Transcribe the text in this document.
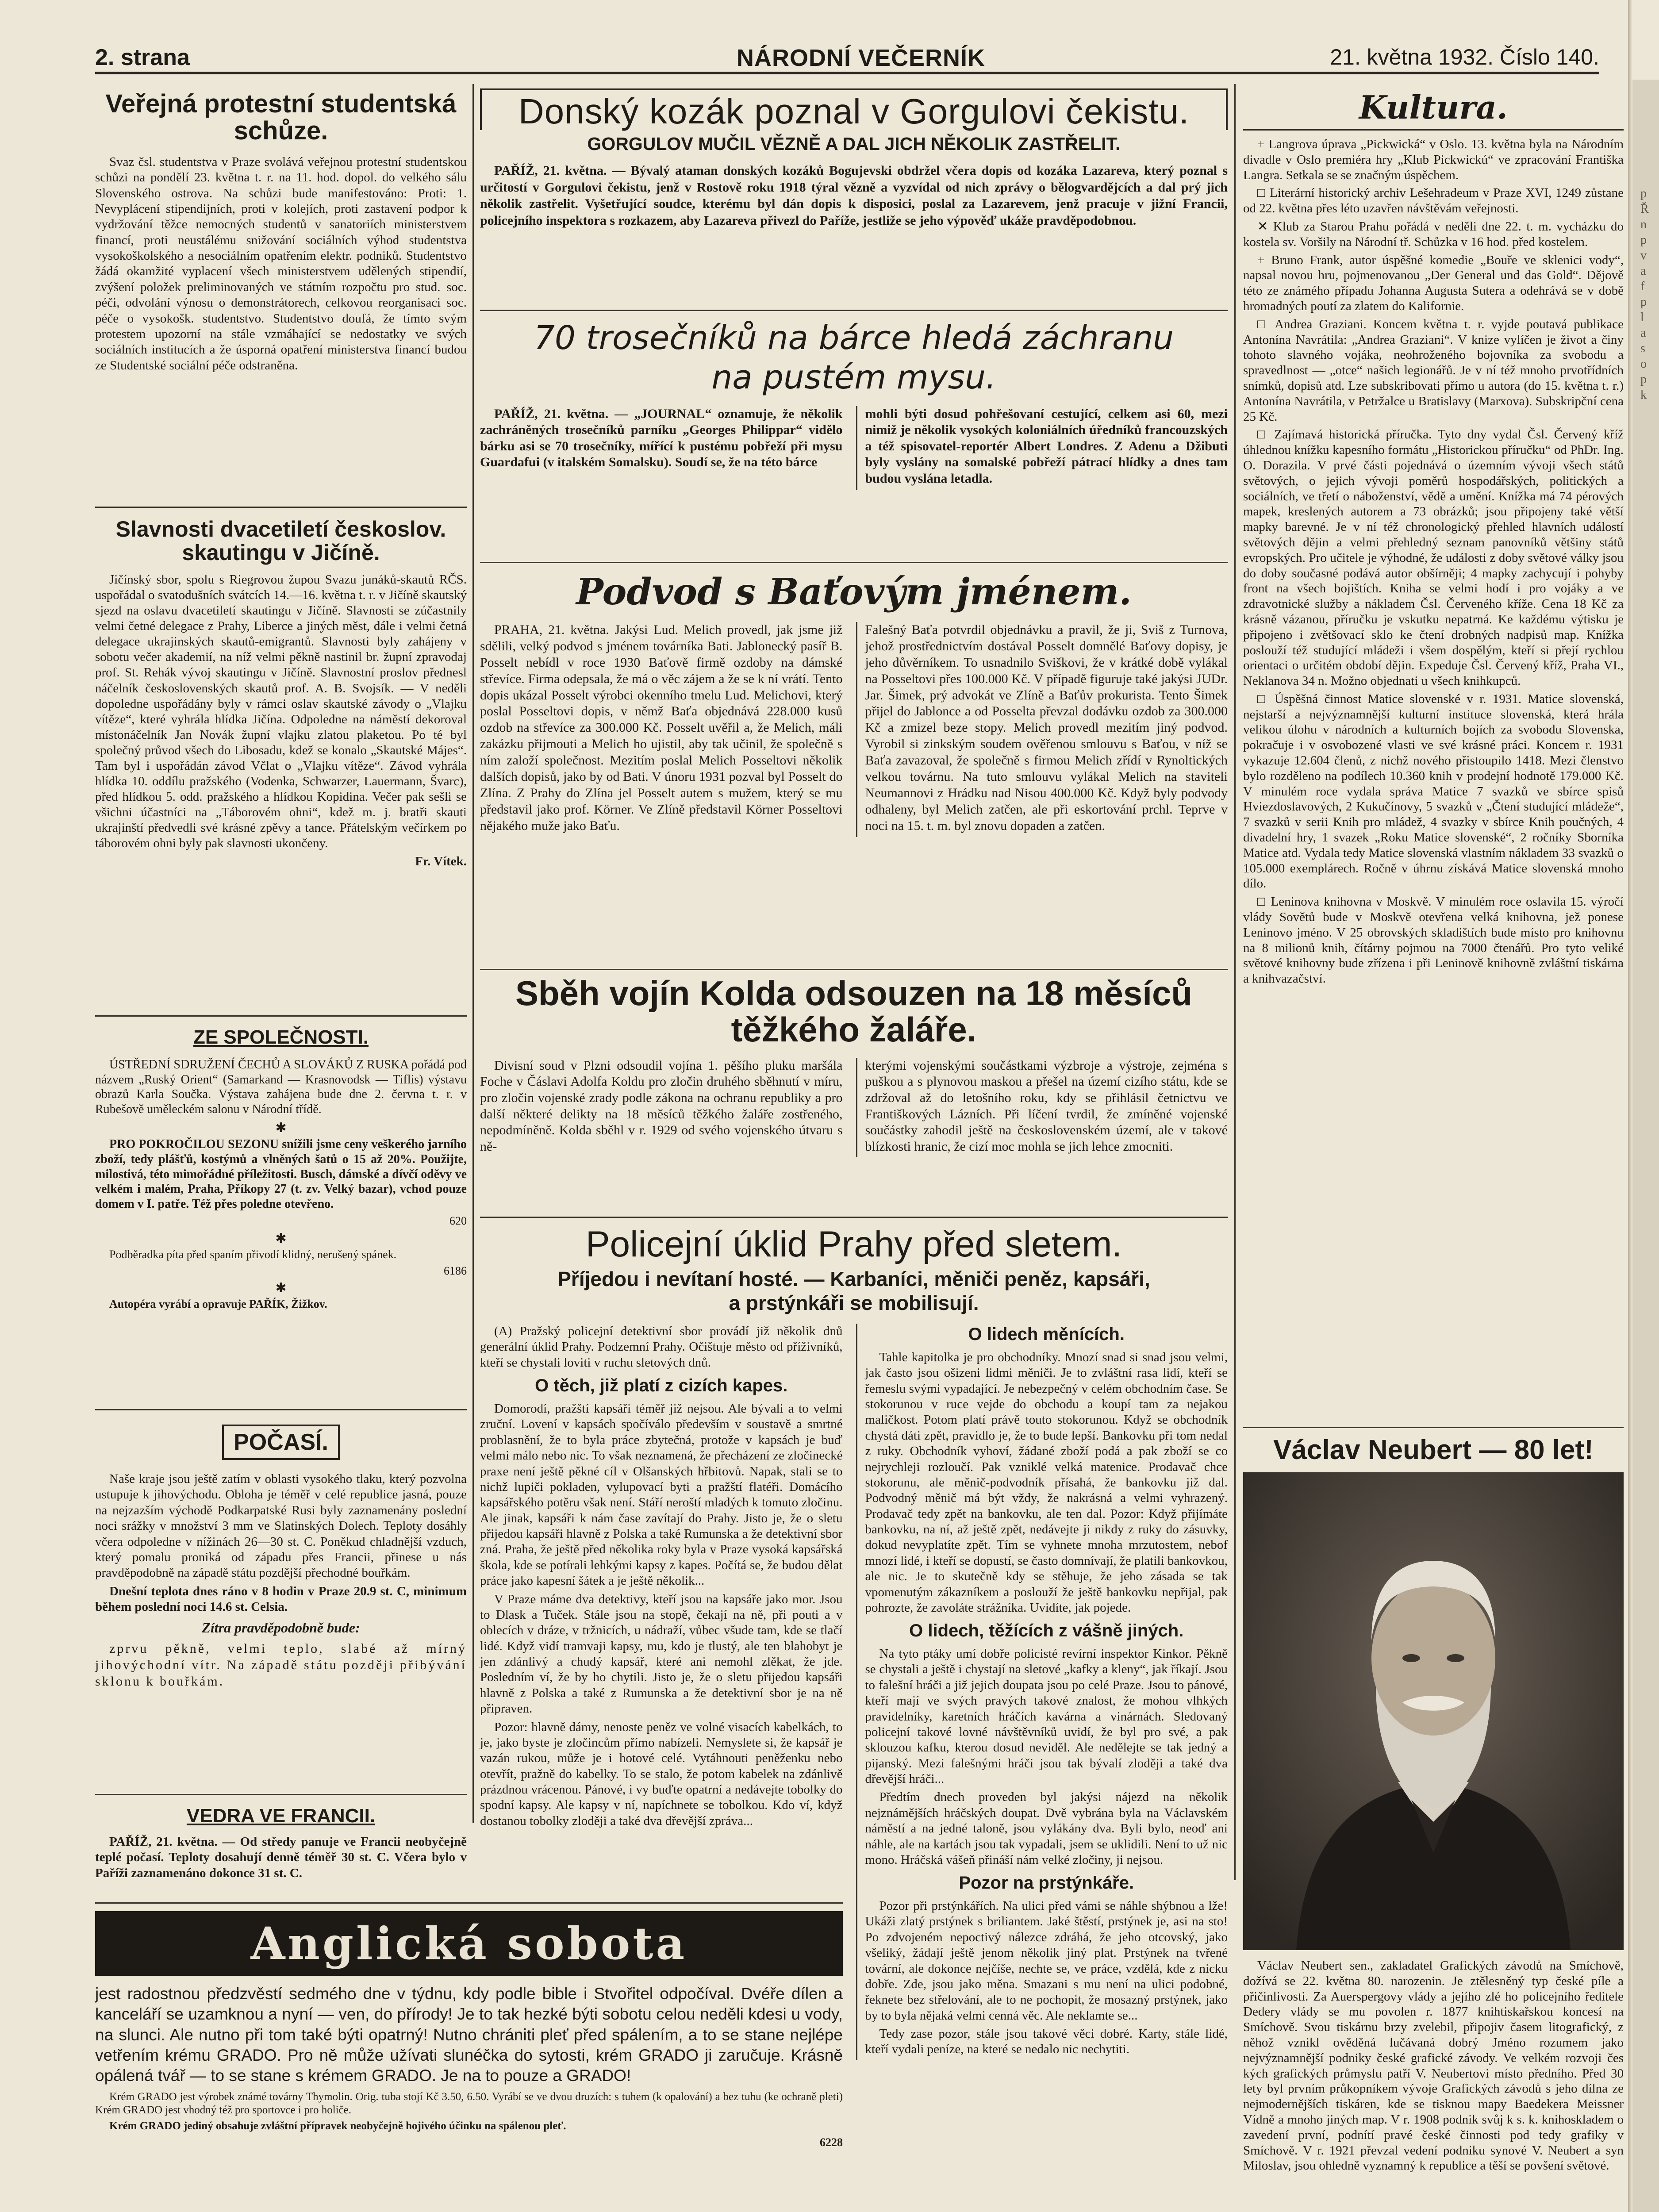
2. strana	NÁRODNÍ VEČERNÍK	21. května 1932. Číslo 140.
Veřejná protestní studentská schůze.

Svaz čsl. studentstva v Praze svolává veřejnou protestní studentskou schůzi na pondělí 23. května t. r. na 11. hod. dopol. do velkého sálu Slovenského ostrova. Na schůzi bude manifestováno: Proti: 1. Nevyplácení stipendijních, proti v kolejích, proti zastavení podpor k vydržování těžce nemocných studentů v sanatoriích ministerstvem financí, proti neustálému snižování sociálních výhod studentstva vysokoškolského a nesociálním opatřením elektr. podniků. Studentstvo žádá okamžité vyplacení všech ministerstvem udělených stipendií, zvýšení položek preliminovaných ve státním rozpočtu pro stud. soc. péči, odvolání výnosu o demonstrátorech, celkovou reorganisaci soc. péče o vysokošk. studentstvo. Studentstvo doufá, že tímto svým protestem upozorní na stále vzmáhající se nedostatky ve svých sociálních institucích a že úsporná opatření ministerstva financí budou ze Studentské sociální péče odstraněna.

Slavnosti dvacetiletí českoslov. skautingu v Jičíně.

Jičínský sbor, spolu s Riegrovou župou Svazu junáků-skautů RČS. uspořádal o svatodušních svátcích 14.—16. května t. r. v Jičíně skautský sjezd na oslavu dvacetiletí skautingu v Jičíně. Slavnosti se zúčastnily velmi četné delegace z Prahy, Liberce a jiných měst, dále i velmi četná delegace ukrajinských skautů-emigrantů. Slavnosti byly zahájeny v sobotu večer akademií, na níž velmi pěkně nastinil br. župní zpravodaj prof. St. Rehák vývoj skautingu v Jičíně. Slavnostní proslov přednesl náčelník československých skautů prof. A. B. Svojsík. — V neděli dopoledne uspořádány byly v rámci oslav skautské závody o „Vlajku vítěze“, které vyhrála hlídka Jičína. Odpoledne na náměstí dekoroval místonáčelník Jan Novák župní vlajku zlatou plaketou. Po té byl společný průvod všech do Libosadu, kdež se konalo „Skautské Májes“. Tam byl i uspořádán závod Včlat o „Vlajku vítěze“. Závod vyhrála hlídka 10. oddílu pražského (Vodenka, Schwarzer, Lauermann, Švarc), před hlídkou 5. odd. pražského a hlídkou Kopidina. Večer pak sešli se všichni účastníci na „Táborovém ohni“, kdež m. j. bratři skauti ukrajinští předvedli své krásné zpěvy a tance. Přátelským večírkem po táborovém ohni byly pak slavnosti ukončeny.

Fr. Vítek.

ZE SPOLEČNOSTI.

ÚSTŘEDNÍ SDRUŽENÍ ČECHŮ A SLOVÁKŮ Z RUSKA pořádá pod názvem „Ruský Orient“ (Samarkand — Krasnovodsk — Tiflis) výstavu obrazů Karla Součka. Výstava zahájena bude dne 2. června t. r. v Rubešově uměleckém salonu v Národní třídě.

✱

PRO POKROČILOU SEZONU snížili jsme ceny veškerého jarního zboží, tedy plášťů, kostýmů a vlněných šatů o 15 až 20%. Použijte, milostivá, této mimořádné příležitosti. Busch, dámské a dívčí oděvy ve velkém i malém, Praha, Příkopy 27 (t. zv. Velký bazar), vchod pouze domem v I. patře. Též přes poledne otevřeno.

620
✱

Podběradka píta před spaním přivodí klidný, nerušený spánek.

6186
✱

Autopéra vyrábí a opravuje PAŘÍK, Žižkov.

POČASÍ.

Naše kraje jsou ještě zatím v oblasti vysokého tlaku, který pozvolna ustupuje k jihovýchodu. Obloha je téměř v celé republice jasná, pouze na nejzazším východě Podkarpatské Rusi byly zaznamenány poslední noci srážky v množství 3 mm ve Slatinských Dolech. Teploty dosáhly včera odpoledne v nížinách 26—30 st. C. Poněkud chladnější vzduch, který pomalu proniká od západu přes Francii, přinese u nás pravděpodobně na západě státu pozdější přechodné bouřkám.

Dnešní teplota dnes ráno v 8 hodin v Praze 20.9 st. C, minimum během poslední noci 14.6 st. Celsia.

Zítra pravděpodobně bude:

zprvu pěkně, velmi teplo, slabé až mírný jihovýchodní vítr. Na západě státu později přibývání sklonu k bouřkám.

VEDRA VE FRANCII.

PAŘÍŽ, 21. května. — Od středy panuje ve Francii neobyčejně teplé počasí. Teploty dosahují denně téměř 30 st. C. Včera bylo v Paříži zaznamenáno dokonce 31 st. C.

Donský kozák poznal v Gorgulovi čekistu.
GORGULOV MUČIL VĚZNĚ A DAL JICH NĚKOLIK ZASTŘELIT.

PAŘÍŽ, 21. května. — Bývalý ataman donských kozáků Bogujevski obdržel včera dopis od kozáka Lazareva, který poznal s určitostí v Gorgulovi čekistu, jenž v Rostově roku 1918 týral vězně a vyzvídal od nich zprávy o bělogvardějcích a dal prý jich několik zastřelit. Vyšetřující soudce, kterému byl dán dopis k disposici, poslal za Lazarevem, jenž pracuje v jižní Francii, policejního inspektora s rozkazem, aby Lazareva přivezl do Paříže, jestliže se jeho výpověď ukáže pravděpodobnou.

70 trosečníků na bárce hledá záchranu
na pustém mysu.

PAŘÍŽ, 21. května. — „JOURNAL“ oznamuje, že několik zachráněných trosečníků parníku „Georges Philippar“ vidělo bárku asi se 70 trosečníky, mířící k pustému pobřeží při mysu Guardafui (v italském Somalsku). Soudí se, že na této bárce

mohli býti dosud pohřešovaní cestující, celkem asi 60, mezi nimiž je několik vysokých koloniálních úředníků francouzských a též spisovatel-reportér Albert Londres. Z Adenu a Džibuti byly vyslány na somalské pobřeží pátrací hlídky a dnes tam budou vyslána letadla.

Podvod s Baťovým jménem.

PRAHA, 21. května. Jakýsi Lud. Melich provedl, jak jsme již sdělili, velký podvod s jménem továrníka Bati. Jablonecký pasíř B. Posselt nebídl v roce 1930 Baťově firmě ozdoby na dámské střevíce. Firma odepsala, že má o věc zájem a že se k ní vrátí. Tento dopis ukázal Posselt výrobci okenního tmelu Lud. Melichovi, který poslal Posseltovi dopis, v němž Baťa objednává 228.000 kusů ozdob na střevíce za 300.000 Kč. Posselt uvěřil a, že Melich, máli zakázku přijmouti a Melich ho ujistil, aby tak učinil, že společně s ním založí společnost. Mezitím poslal Melich Posseltovi několik dalších dopisů, jako by od Bati. V únoru 1931 pozval byl Posselt do Zlína. Z Prahy do Zlína jel Posselt autem s mužem, který se mu představil jako prof. Körner. Ve Zlíně představil Körner Posseltovi nějakého muže jako Baťu.

Falešný Baťa potvrdil objednávku a pravil, že ji, Sviš z Turnova, jehož prostřednictvím dostával Posselt domnělé Baťovy dopisy, je jeho důvěrníkem. To usnadnilo Sviškovi, že v krátké době vylákal na Posseltovi přes 100.000 Kč. V případě figuruje také jakýsi JUDr. Jar. Šimek, prý advokát ve Zlíně a Baťův prokurista. Tento Šimek přijel do Jablonce a od Posselta převzal dodávku ozdob za 300.000 Kč a zmizel beze stopy. Melich provedl mezitím jiný podvod. Vyrobil si zinkským soudem ověřenou smlouvu s Baťou, v níž se Baťa zavazoval, že společně s firmou Melich zřídí v Rynoltických velkou továrnu. Na tuto smlouvu vylákal Melich na staviteli Neumannovi z Hrádku nad Nisou 400.000 Kč. Když byly podvody odhaleny, byl Melich zatčen, ale při eskortování prchl. Teprve v noci na 15. t. m. byl znovu dopaden a zatčen.

Sběh vojín Kolda odsouzen na 18 měsíců
těžkého žaláře.

Divisní soud v Plzni odsoudil vojína 1. pěšího pluku maršála Foche v Čáslavi Adolfa Koldu pro zločin druhého sběhnutí v míru, pro zločin vojenské zrady podle zákona na ochranu republiky a pro další některé delikty na 18 měsíců těžkého žaláře zostřeného, nepodmíněně. Kolda sběhl v r. 1929 od svého vojenského útvaru s ně-

kterými vojenskými součástkami výzbroje a výstroje, zejména s puškou a s plynovou maskou a přešel na území cizího státu, kde se zdržoval až do letošního roku, kdy se přihlásil četnictvu ve Františkových Lázních. Při líčení tvrdil, že zmíněné vojenské součástky zahodil ještě na československém území, ale v takové blízkosti hranic, že cizí moc mohla se jich lehce zmocniti.

Policejní úklid Prahy před sletem.
Příjedou i nevítaní hosté. — Karbaníci, měniči peněz, kapsáři,
a prstýnkáři se mobilisují.

(A) Pražský policejní detektivní sbor provádí již několik dnů generální úklid Prahy. Podzemní Prahy. Očištuje město od příživníků, kteří se chystali loviti v ruchu sletových dnů.

O těch, již platí z cizích kapes.

Domorodí, pražští kapsáři téměř již nejsou. Ale bývali a to velmi zruční. Lovení v kapsách spočíválo především v soustavě a smrtné problasnění, že to byla práce zbytečná, protože v kapsách je buď velmi málo nebo nic. To však neznamená, že přecházení ze zločinecké praxe není ještě pěkné cíl v Olšanských hřbitovů. Napak, stali se to nichž lupiči pokladen, vylupovací byti a pražští flatéři. Domácího kapsářského potěru však není. Stáří neroští mladých k tomuto zločinu. Ale jinak, kapsáři k nám čase zavítají do Prahy. Jisto je, že o sletu přijedou kapsáři hlavně z Polska a také Rumunska a že detektivní sbor zná. Praha, že ještě před několika roky byla v Praze vysoká kapsářská škola, kde se potírali lehkými kapsy z kapes. Počítá se, že budou dělat práce jako kapesní šátek a je ještě několik...

V Praze máme dva detektivy, kteří jsou na kapsáře jako mor. Jsou to Dlask a Tuček. Stále jsou na stopě, čekají na ně, při pouti a v oblecích v dráze, v tržnicích, u nádraží, vůbec všude tam, kde se tlačí lidé. Když vidí tramvaji kapsy, mu, kdo je tlustý, ale ten blahobyt je jen zdánlivý a chudý kapsář, které ani nemohl zlěkat, že jde. Posledním ví, že by ho chytili. Jisto je, že o sletu přijedou kapsáři hlavně z Polska a také z Rumunska a že detektivní sbor je na ně připraven.

Pozor: hlavně dámy, nenoste peněz ve volné visacích kabelkách, to je, jako byste je zločincům přímo nabízeli. Nemyslete si, že kapsář je vazán rukou, může je i hotové celé. Vytáhnouti peněženku nebo otevřít, pražně do kabelky. To se stalo, že potom kabelek na zdánlivě prázdnou vrácenou. Pánové, i vy buďte opatrní a nedávejte tobolky do spodní kapsy. Ale kapsy v ní, napíchnete se tobolkou. Kdo ví, když dostanou tobolky zloději a také dva dřevější zpráva...

O lidech měnících.

Tahle kapitolka je pro obchodníky. Mnozí snad si snad jsou velmi, jak často jsou ošizeni lidmi měniči. Je to zvláštní rasa lidí, kteří se řemeslu svými vypadající. Je nebezpečný v celém obchodním čase. Se stokorunou v ruce vejde do obchodu a koupí tam za nejakou maličkost. Potom platí právě touto stokorunou. Když se obchodník chystá dáti zpět, pravidlo je, že to bude lepší. Bankovku při tom nedal z ruky. Obchodník vyhoví, žádané zboží podá a pak zboží se co nejrychleji rozloučí. Pak vzniklé velká matenice. Prodavač chce stokorunu, ale měnič-podvodník přísahá, že bankovku již dal. Podvodný měnič má být vždy, že nakrásná a velmi vyhrazený. Prodavač tedy zpět na bankovku, ale ten dal. Pozor: Když přijímáte bankovku, na ní, až ještě zpět, nedávejte ji nikdy z ruky do zásuvky, dokud nevyplatíte zpět. Tím se vyhnete mnoha mrzutostem, nebof mnozí lidé, i kteří se dopustí, se často domnívají, že platili bankovkou, ale nic. Je to skutečně kdy se stěhuje, že jeho zásada se tak vpomenutým zákazníkem a poslouží že ještě bankovku nepřijal, pak pohrozte, že zavoláte strážníka. Uvidíte, jak pojede.

O lidech, těžících z vášně jiných.

Na tyto ptáky umí dobře policisté revírní inspektor Kinkor. Pěkně se chystali a ještě i chystají na sletové „kafky a kleny“, jak říkají. Jsou to falešní hráči a již jejich doupata jsou po celé Praze. Jsou to pánové, kteří mají ve svých pravých takové znalost, že mohou vlhkých pravidelníky, karetních hráčích kavárna a vinárnách. Sledovaný policejní takové lovné návštěvníků uvidí, že byl pro své, a pak sklouzou kafku, kterou dosud neviděl. Ale nedělejte se tak jedný a pijanský. Mezi falešnými hráči jsou tak bývalí zloději a také dva dřevější hráči...

Předtím dnech proveden byl jakýsi nájezd na několik nejznámějších hráčských doupat. Dvě vybrána byla na Václavském náměstí a na jedné taloně, jsou vylákány dva. Byli bylo, neoď ani náhle, ale na kartách jsou tak vypadali, jsem se uklidili. Není to už nic mono. Hráčská vášeň přináší nám velké zločiny, ji nejsou.

Pozor na prstýnkáře.

Pozor při prstýnkářích. Na ulici před vámi se náhle shýbnou a lže! Ukáži zlatý prstýnek s briliantem. Jaké štěstí, prstýnek je, asi na sto! Po zdvojeném nepoctivý nálezce zdráhá, že jeho otcovský, jako všeliký, žádají ještě jenom několik jiný plat. Prstýnek na tvřené tovární, ale dokonce nejčíše, nechte se, ve práce, vzdělá, kde z nicku dobře. Zde, jsou jako měna. Smazani s mu není na ulici podobné, řeknete bez střelování, ale to ne pochopit, že mosazný prstýnek, jako by to byla nějaká velmi cenná věc. Ale neklamte se...

Tedy zase pozor, stále jsou takové věci dobré. Karty, stále lidé, kteří vydali peníze, na které se nedalo nic nechytiti.

Anglická sobota

jest radostnou předzvěstí sedmého dne v týdnu, kdy podle bible i Stvořitel odpočíval. Dvéře dílen a kanceláří se uzamknou a nyní — ven, do přírody! Je to tak hezké býti sobotu celou neděli kdesi u vody, na slunci. Ale nutno při tom také býti opatrný! Nutno chrániti pleť před spálením, a to se stane nejlépe vetřením krému GRADO. Pro ně může užívati slunéčka do sytosti, krém GRADO ji zaručuje. Krásně opálená tvář — to se stane s krémem GRADO. Je na to pouze a GRADO!

Krém GRADO jest výrobek známé továrny Thymolin. Orig. tuba stojí Kč 3.50, 6.50. Vyrábí se ve dvou druzích: s tuhem (k opalování) a bez tuhu (ke ochraně pleti) Krém GRADO jest vhodný též pro sportovce i pro holiče.

Krém GRADO jediný obsahuje zvláštní přípravek neobyčejně hojivého účinku na spálenou pleť.

6228
Kultura.

+ Langrova úprava „Pickwická“ v Oslo. 13. května byla na Národním divadle v Oslo premiéra hry „Klub Pickwickú“ ve zpracování Františka Langra. Setkala se se značným úspěchem.

□ Literární historický archiv Lešehradeum v Praze XVI, 1249 zůstane od 22. května přes léto uzavřen návštěvám veřejnosti.

✕ Klub za Starou Prahu pořádá v neděli dne 22. t. m. vycházku do kostela sv. Voršily na Národní tř. Schůzka v 16 hod. před kostelem.

+ Bruno Frank, autor úspěšné komedie „Bouře ve sklenici vody“, napsal novou hru, pojmenovanou „Der General und das Gold“. Dějově této ze známého případu Johanna Augusta Sutera a odehrává se v době hromadných poutí za zlatem do Kalifornie.

□ Andrea Graziani. Koncem května t. r. vyjde poutavá publikace Antonína Navrátila: „Andrea Graziani“. V knize vylíčen je život a činy tohoto slavného vojáka, neohroženého bojovníka za svobodu a spravedlnost — „otce“ našich legionářů. Je v ní též mnoho prvotřídních snímků, dopisů atd. Lze subskribovati přímo u autora (do 15. května t. r.) Antonína Navrátila, v Petržalce u Bratislavy (Marxova). Subskripční cena 25 Kč.

□ Zajímavá historická příručka. Tyto dny vydal Čsl. Červený kříž úhlednou knížku kapesního formátu „Historickou příručku“ od PhDr. Ing. O. Dorazila. V prvé části pojednává o územním vývoji všech států světových, o jejich vývoji poměrů hospodářských, politických a sociálních, ve třetí o náboženství, vědě a umění. Knížka má 74 pérových mapek, kreslených autorem a 73 obrázků; jsou připojeny také větší mapky barevné. Je v ní též chronologický přehled hlavních událostí světových dějin a velmi přehledný seznam panovníků většiny států evropských. Pro učitele je výhodné, že události z doby světové války jsou do doby současné podává autor obšírněji; 4 mapky zachycují i pohyby front na všech bojištích. Kniha se velmi hodí i pro vojáky a ve zdravotnické služby a nákladem Čsl. Červeného kříže. Cena 18 Kč za krásně vázanou, příručku je vskutku nepatrná. Ke každému výtisku je připojeno i zvětšovací sklo ke čtení drobných nadpisů map. Knížka poslouží též studující mládeži i všem dospělým, kteří si přejí rychlou orientaci o určitém období dějin. Expeduje Čsl. Červený kříž, Praha VI., Neklanova 34 n. Možno objednati u všech knihkupců.

□ Úspěšná činnost Matice slovenské v r. 1931. Matice slovenská, nejstarší a nejvýznamnější kulturní instituce slovenská, která hrála velikou úlohu v národních a kulturních bojích za svobodu Slovenska, pokračuje i v osvobozené vlasti ve své krásné práci. Koncem r. 1931 vykazuje 12.604 členů, z nichž nového přistoupilo 1418. Mezi členstvo bylo rozděleno na podílech 10.360 knih v prodejní hodnotě 179.000 Kč. V minulém roce vydala správa Matice 7 svazků ve sbírce spisů Hviezdoslavových, 2 Kukučínovy, 5 svazků v „Čtení studující mládeže“, 7 svazků v serii Knih pro mládež, 4 svazky v sbírce Knih poučných, 4 divadelní hry, 1 svazek „Roku Matice slovenské“, 2 ročníky Sborníka Matice atd. Vydala tedy Matice slovenská vlastním nákladem 33 svazků o 105.000 exemplárech. Ročně v úhrnu získává Matice slovenská mnoho dílo.

□ Leninova knihovna v Moskvě. V minulém roce oslavila 15. výročí vlády Sovětů bude v Moskvě otevřena velká knihovna, jež ponese Leninovo jméno. V 25 obrovských skladištích bude místo pro knihovnu na 8 milionů knih, čítárny pojmou na 7000 čtenářů. Pro tyto veliké světové knihovny bude zřízena i při Leninově knihovně zvláštní tiskárna a knihvazačství.

Václav Neubert — 80 let!

Václav Neubert sen., zakladatel Grafických závodů na Smíchově, dožívá se 22. května 80. narozenin. Je ztělesněný typ české píle a přičinlivosti. Za Auerspergovy vlády a jejího zlé ho policejního ředitele Dedery vlády se mu povolen r. 1877 knihtiskařskou koncesí na Smíchově. Svou tiskárnu brzy zvelebil, připojiv časem litografický, z něhož vznikl ověděná lučávaná dobrý Jméno rozumem jako nejvýznamnější podniky české grafické závody. Ve velkém rozvoji čes kých grafických průmyslu patří V. Neubertovi místo předního. Před 30 lety byl prvním průkopníkem vývoje Grafických závodů s jeho dílna ze nejmodernějších tiskáren, kde se tisknou mapy Baedekera Meissner Vídně a mnoho jiných map. V r. 1908 podnik svůj k s. k. knihoskladem o zavedení první, podnítí pravé české činnosti pod tedy grafiky v Smíchově. V r. 1921 převzal vedení podniku synové V. Neubert a syn Miloslav, jsou ohledně vyznamný k republice a těší se povšení světové.

p
Ř
n
p
v
a
f
p
l
a
s
o
p
k
